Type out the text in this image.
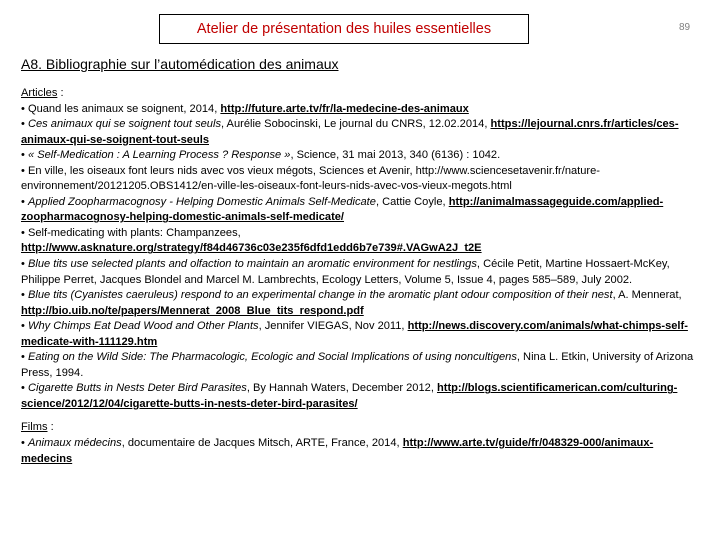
Atelier de présentation des huiles essentielles	89
A8. Bibliographie sur l’automédication des animaux

Articles :

• Quand les animaux se soignent, 2014, http://future.arte.tv/fr/la-medecine-des-animaux

• Ces animaux qui se soignent tout seuls, Aurélie Sobocinski, Le journal du CNRS, 12.02.2014, https://lejournal.cnrs.fr/articles/ces-animaux-qui-se-soignent-tout-seuls

• « Self-Medication : A Learning Process ? Response », Science, 31 mai 2013, 340 (6136) : 1042.

• En ville, les oiseaux font leurs nids avec vos vieux mégots, Sciences et Avenir, http://www.sciencesetavenir.fr/nature-environnement/20121205.OBS1412/en-ville-les-oiseaux-font-leurs-nids-avec-vos-vieux-megots.html

• Applied Zoopharmacognosy - Helping Domestic Animals Self-Medicate, Cattie Coyle, http://animalmassageguide.com/applied-zoopharmacognosy-helping-domestic-animals-self-medicate/

• Self-medicating with plants: Champanzees, http://www.asknature.org/strategy/f84d46736c03e235f6dfd1edd6b7e739#.VAGwA2J_t2E

• Blue tits use selected plants and olfaction to maintain an aromatic environment for nestlings, Cécile Petit, Martine Hossaert-McKey, Philippe Perret, Jacques Blondel and Marcel M. Lambrechts, Ecology Letters, Volume 5, Issue 4, pages 585–589, July 2002.

• Blue tits (Cyanistes caeruleus) respond to an experimental change in the aromatic plant odour composition of their nest, A. Mennerat, http://bio.uib.no/te/papers/Mennerat_2008_Blue_tits_respond.pdf

• Why Chimps Eat Dead Wood and Other Plants, Jennifer VIEGAS, Nov 2011, http://news.discovery.com/animals/what-chimps-self-medicate-with-111129.htm

• Eating on the Wild Side: The Pharmacologic, Ecologic and Social Implications of using noncultigens, Nina L. Etkin, University of Arizona Press, 1994.

• Cigarette Butts in Nests Deter Bird Parasites, By Hannah Waters, December 2012, http://blogs.scientificamerican.com/culturing-science/2012/12/04/cigarette-butts-in-nests-deter-bird-parasites/

Films :

• Animaux médecins, documentaire de Jacques Mitsch, ARTE, France, 2014, http://www.arte.tv/guide/fr/048329-000/animaux-medecins
